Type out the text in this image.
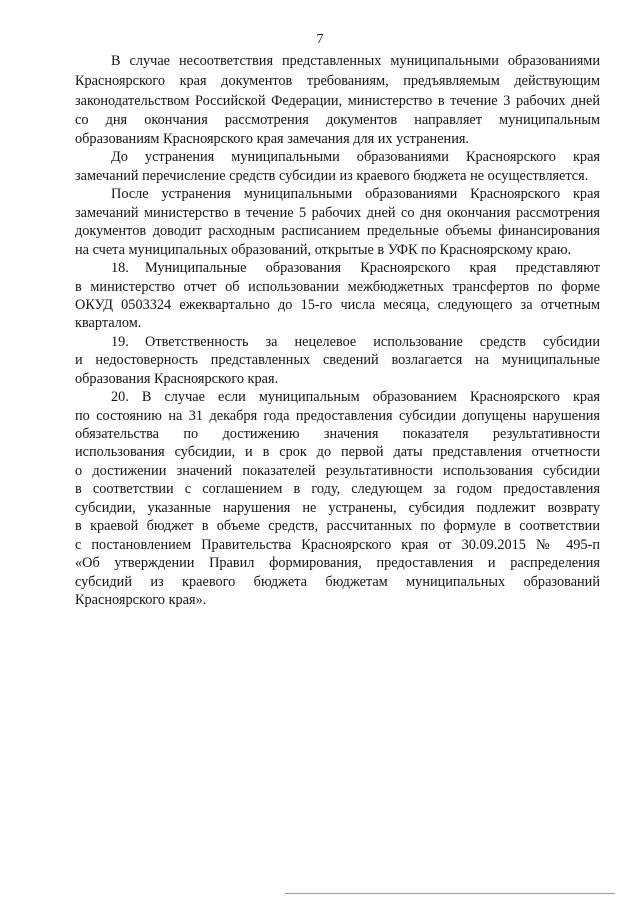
7
В случае несоответствия представленных муниципальными образованиями
Красноярского края документов требованиям, предъявляемым действующим
законодательством Российской Федерации, министерство в течение 3 рабочих дней
со дня окончания рассмотрения документов направляет муниципальным
образованиям Красноярского края замечания для их устранения.
До устранения муниципальными образованиями Красноярского края
замечаний перечисление средств субсидии из краевого бюджета не осуществляется.
После устранения муниципальными образованиями Красноярского края
замечаний министерство в течение 5 рабочих дней со дня окончания рассмотрения
документов доводит расходным расписанием предельные объемы финансирования
на счета муниципальных образований, открытые в УФК по Красноярскому краю.
18.	Муниципальные образования Красноярского края представляют
в министерство отчет об использовании межбюджетных трансфертов по форме
ОКУД 0503324 ежеквартально до 15-го числа месяца, следующего за отчетным
кварталом.
19.	Ответственность за нецелевое использование средств субсидии
и недостоверность представленных сведений возлагается на муниципальные
образования Красноярского края.
20. В случае если муниципальным образованием Красноярского края
по состоянию на 31 декабря года предоставления субсидии допущены нарушения
обязательства по достижению значения показателя результативности
использования субсидии, и в срок до первой даты представления отчетности
о достижении значений показателей результативности использования субсидии
в соответствии с соглашением в году, следующем за годом предоставления
субсидии, указанные нарушения не устранены, субсидия подлежит возврату
в краевой бюджет в объеме средств, рассчитанных по формуле в соответствии
с постановлением Правительства Красноярского края от 30.09.2015 № 495-п
«Об утверждении Правил формирования, предоставления и распределения
субсидий из краевого бюджета бюджетам муниципальных образований
Красноярского края».
